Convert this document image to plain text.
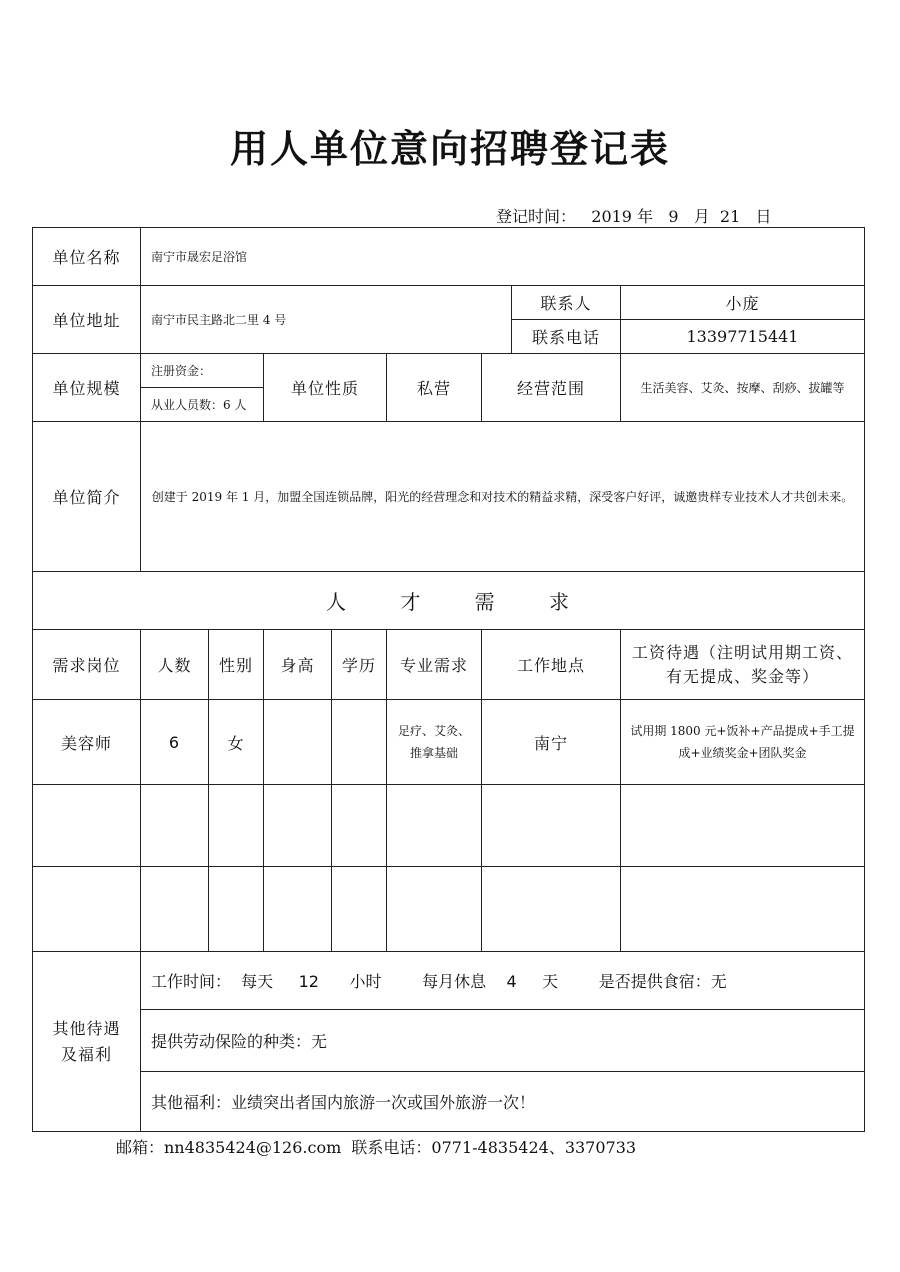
用人单位意向招聘登记表
登记时间：   2019 年   9   月  21   日
单位名称	南宁市晟宏足浴馆							
单位地址	南宁市民主路北二里 4 号						联系人	小庞
							联系电话	13397715441
单位规模	注册资金：		单位性质		私营	经营范围		生活美容、艾灸、按摩、刮痧、拔罐等
	从业人员数：6 人							
单位简介	创建于 2019 年 1 月，加盟全国连锁品牌，阳光的经营理念和对技术的精益求精，深受客户好评，诚邀贵样专业技术人才共创未来。							
人 才 需 求								
需求岗位	人数	性别	身高	学历	专业需求	工作地点		工资待遇（注明试用期工资、有无提成、奖金等）
美容师	6	女			足疗、艾灸、推拿基础	南宁		试用期 1800 元+饭补+产品提成+手工提成+业绩奖金+团队奖金

其他待遇及福利	工作时间：  每天     12      小时        每月休息    4     天        是否提供食宿：无							
	提供劳动保险的种类：无							
	其他福利：业绩突出者国内旅游一次或国外旅游一次！							
邮箱：nn4835424@126.com  联系电话：0771-4835424、3370733
